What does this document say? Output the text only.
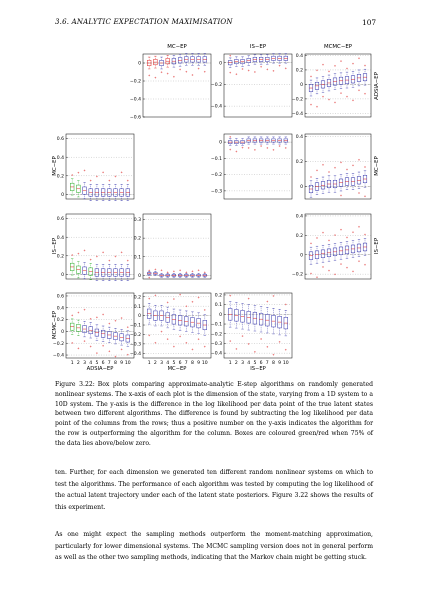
3.6. ANALYTIC EXPECTATION MAXIMISATION	107
MC−EP	IS−EP	MCMC−EP
0
−0.2
−0.4
−0.6
0
−0.2
−0.4
0.4
0.2
0
−0.2
−0.4
0.6
0.4
0.2
0
0
−0.1
−0.2
−0.3
0.4
0.2
0
0.6
0.4
0.2
0
0.3
0.2
0.1
0
0.4
0.2
0
−0.2
0.6
0.4
0.2
0
−0.2
−0.4
1 2 3 4 5 6 7 8 9 10
ADSIA−EP
0.2
0.1
0
−0.1
−0.2
−0.3
−0.4
1 2 3 4 5 6 7 8 9 10
MC−EP
0.2
0.1
0
−0.1
−0.2
−0.3
−0.4
1 2 3 4 5 6 7 8 9 10
IS−EP
MC−EP
IS−EP
MCMC−EP
ADSIA−EP
MC−EP
IS−EP
Figure 3.22: Box plots comparing approximate-analytic E-step algorithms on randomly generated nonlinear systems. The x-axis of each plot is the dimension of the state, varying from a 1D system to a 10D system. The y-axis is the difference in the log likelihood per data point of the true latent states between two different algorithms. The difference is found by subtracting the log likelihood per data point of the columns from the rows; thus a positive number on the y-axis indicates the algorithm for the row is outperforming the algorithm for the column. Boxes are coloured green/red when 75% of the data lies above/below zero.

ten. Further, for each dimension we generated ten different random nonlinear systems on which to test the algorithms. The performance of each algorithm was tested by computing the log likelihood of the actual latent trajectory under each of the latent state posteriors. Figure 3.22 shows the results of this experiment.

As one might expect the sampling methods outperform the moment-matching approximation, particularly for lower dimensional systems. The MCMC sampling version does not in general perform as well as the other two sampling methods, indicating that the Markov chain might be getting stuck.
